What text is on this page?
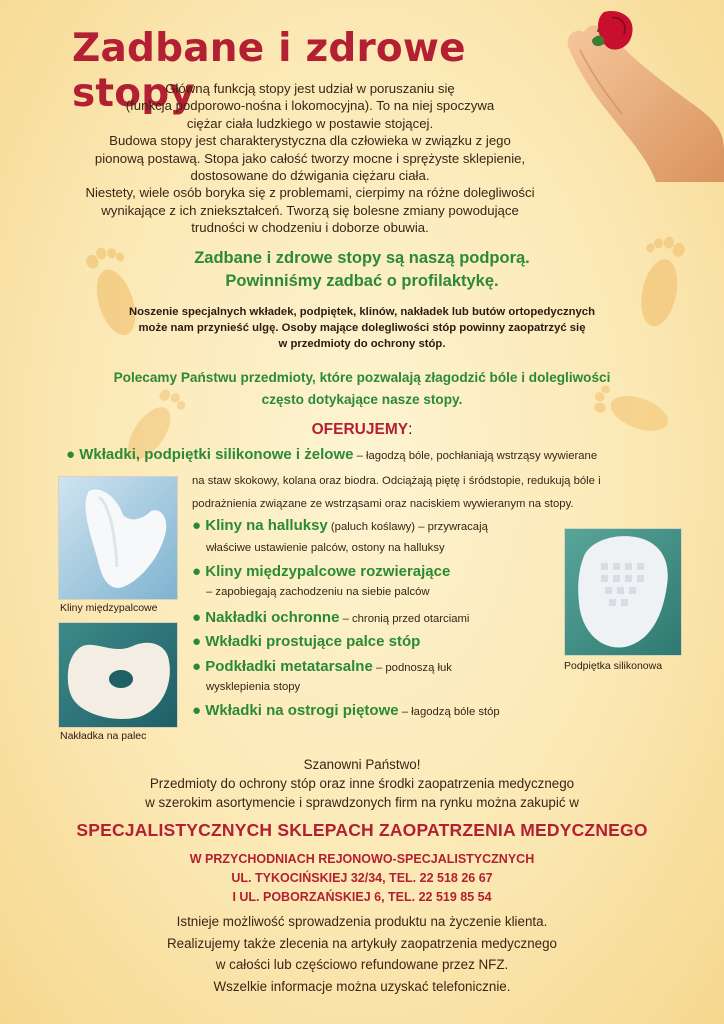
Zadbane i zdrowe stopy
Główną funkcją stopy jest udział w poruszaniu się
(funkcja podporowo-nośna i lokomocyjna). To na niej spoczywa
ciężar ciała ludzkiego w postawie stojącej.
Budowa stopy jest charakterystyczna dla człowieka w związku z jego
pionową postawą. Stopa jako całość tworzy mocne i sprężyste sklepienie,
dostosowane do dźwigania ciężaru ciała.
Niestety, wiele osób boryka się z problemami, cierpimy na różne dolegliwości
wynikające z ich zniekształceń. Tworzą się bolesne zmiany powodujące
trudności w chodzeniu i doborze obuwia.
Zadbane i zdrowe stopy są naszą podporą.
Powinniśmy zadbać o profilaktykę.
Noszenie specjalnych wkładek, podpiętek, klinów, nakładek lub butów ortopedycznych
może nam przynieść ulgę. Osoby mające dolegliwości stóp powinny zaopatrzyć się
w przedmioty do ochrony stóp.
Polecamy Państwu przedmioty, które pozwalają złagodzić bóle i dolegliwości
często dotykające nasze stopy.
OFERUJEMY:
● Wkładki, podpiętki silikonowe i żelowe – łagodzą bóle, pochłaniają wstrząsy wywierane
na staw skokowy, kolana oraz biodra. Odciążają piętę i śródstopie, redukują bóle i
podrażnienia związane ze wstrząsami oraz naciskiem wywieranym na stopy.
● Kliny na halluksy (paluch koślawy) – przywracają
właściwe ustawienie palców, ostony na halluksy
● Kliny międzypalcowe rozwierające
– zapobiegają zachodzeniu na siebie palców
● Nakładki ochronne – chronią przed otarciami
● Wkładki prostujące palce stóp
● Podkładki metatarsalne – podnoszą łuk
wysklepienia stopy
● Wkładki na ostrogi piętowe – łagodzą bóle stóp
Kliny międzypalcowe
Nakładka na palec
Podpiętka silikonowa
Szanowni Państwo!
Przedmioty do ochrony stóp oraz inne środki zaopatrzenia medycznego
w szerokim asortymencie i sprawdzonych firm na rynku można zakupić w
SPECJALISTYCZNYCH SKLEPACH ZAOPATRZENIA MEDYCZNEGO
W PRZYCHODNIACH REJONOWO-SPECJALISTYCZNYCH
UL. TYKOCIŃSKIEJ 32/34, TEL. 22 518 26 67
I UL. POBORZAŃSKIEJ 6, TEL. 22 519 85 54
Istnieje możliwość sprowadzenia produktu na życzenie klienta.
Realizujemy także zlecenia na artykuły zaopatrzenia medycznego
w całości lub częściowo refundowane przez NFZ.
Wszelkie informacje można uzyskać telefonicznie.
